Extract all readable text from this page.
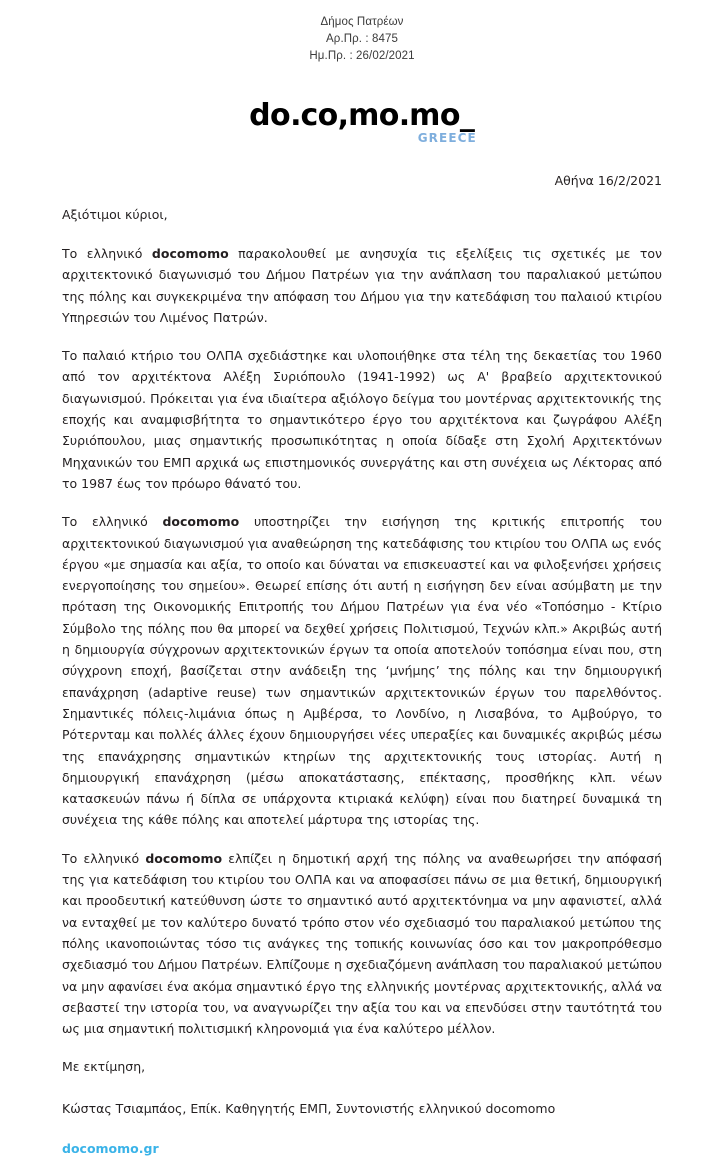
Δήμος Πατρέων
Αρ.Πρ. : 8475
Ημ.Πρ. : 26/02/2021
do.co,mo.mo_
GREECE
Αθήνα 16/2/2021

Αξιότιμοι κύριοι,

Το ελληνικό docomomo παρακολουθεί με ανησυχία τις εξελίξεις τις σχετικές με τον αρχιτεκτονικό διαγωνισμό του Δήμου Πατρέων για την ανάπλαση του παραλιακού μετώπου της πόλης και συγκεκριμένα την απόφαση του Δήμου για την κατεδάφιση του παλαιού κτιρίου Υπηρεσιών του Λιμένος Πατρών.

Το παλαιό κτήριο του ΟΛΠΑ σχεδιάστηκε και υλοποιήθηκε στα τέλη της δεκαετίας του 1960 από τον αρχιτέκτονα Αλέξη Συριόπουλο (1941-1992) ως Α' βραβείο αρχιτεκτονικού διαγωνισμού. Πρόκειται για ένα ιδιαίτερα αξιόλογο δείγμα του μοντέρνας αρχιτεκτονικής της εποχής και αναμφισβήτητα το σημαντικότερο έργο του αρχιτέκτονα και ζωγράφου Αλέξη Συριόπουλου, μιας σημαντικής προσωπικότητας η οποία δίδαξε στη Σχολή Αρχιτεκτόνων Μηχανικών του ΕΜΠ αρχικά ως επιστημονικός συνεργάτης και στη συνέχεια ως Λέκτορας από το 1987 έως τον πρόωρο θάνατό του.

Το ελληνικό docomomo υποστηρίζει την εισήγηση της κριτικής επιτροπής του αρχιτεκτονικού διαγωνισμού για αναθεώρηση της κατεδάφισης του κτιρίου του ΟΛΠΑ ως ενός έργου «με σημασία και αξία, το οποίο και δύναται να επισκευαστεί και να φιλοξενήσει χρήσεις ενεργοποίησης του σημείου». Θεωρεί επίσης ότι αυτή η εισήγηση δεν είναι ασύμβατη με την πρόταση της Οικονομικής Επιτροπής του Δήμου Πατρέων για ένα νέο «Τοπόσημο - Κτίριο Σύμβολο της πόλης που θα μπορεί να δεχθεί χρήσεις Πολιτισμού, Τεχνών κλπ.» Ακριβώς αυτή η δημιουργία σύγχρονων αρχιτεκτονικών έργων τα οποία αποτελούν τοπόσημα είναι που, στη σύγχρονη εποχή, βασίζεται στην ανάδειξη της ‘μνήμης’ της πόλης και την δημιουργική επανάχρηση (adaptive reuse) των σημαντικών αρχιτεκτονικών έργων του παρελθόντος. Σημαντικές πόλεις-λιμάνια όπως η Αμβέρσα, το Λονδίνο, η Λισαβόνα, το Αμβούργο, το Ρότερνταμ και πολλές άλλες έχουν δημιουργήσει νέες υπεραξίες και δυναμικές ακριβώς μέσω της επανάχρησης σημαντικών κτηρίων της αρχιτεκτονικής τους ιστορίας. Αυτή η δημιουργική επανάχρηση (μέσω αποκατάστασης, επέκτασης, προσθήκης κλπ. νέων κατασκευών πάνω ή δίπλα σε υπάρχοντα κτιριακά κελύφη) είναι που διατηρεί δυναμικά τη συνέχεια της κάθε πόλης και αποτελεί μάρτυρα της ιστορίας της.

Το ελληνικό docomomo ελπίζει η δημοτική αρχή της πόλης να αναθεωρήσει την απόφασή της για κατεδάφιση του κτιρίου του ΟΛΠΑ και να αποφασίσει πάνω σε μια θετική, δημιουργική και προοδευτική κατεύθυνση ώστε το σημαντικό αυτό αρχιτεκτόνημα να μην αφανιστεί, αλλά να ενταχθεί με τον καλύτερο δυνατό τρόπο στον νέο σχεδιασμό του παραλιακού μετώπου της πόλης ικανοποιώντας τόσο τις ανάγκες της τοπικής κοινωνίας όσο και τον μακροπρόθεσμο σχεδιασμό του Δήμου Πατρέων. Ελπίζουμε η σχεδιαζόμενη ανάπλαση του παραλιακού μετώπου να μην αφανίσει ένα ακόμα σημαντικό έργο της ελληνικής μοντέρνας αρχιτεκτονικής, αλλά να σεβαστεί την ιστορία του, να αναγνωρίζει την αξία του και να επενδύσει στην ταυτότητά του ως μια σημαντική πολιτισμική κληρονομιά για ένα καλύτερο μέλλον.

Με εκτίμηση,

Κώστας Τσιαμπάος, Επίκ. Καθηγητής ΕΜΠ, Συντονιστής ελληνικού docomomo

docomomo.gr
